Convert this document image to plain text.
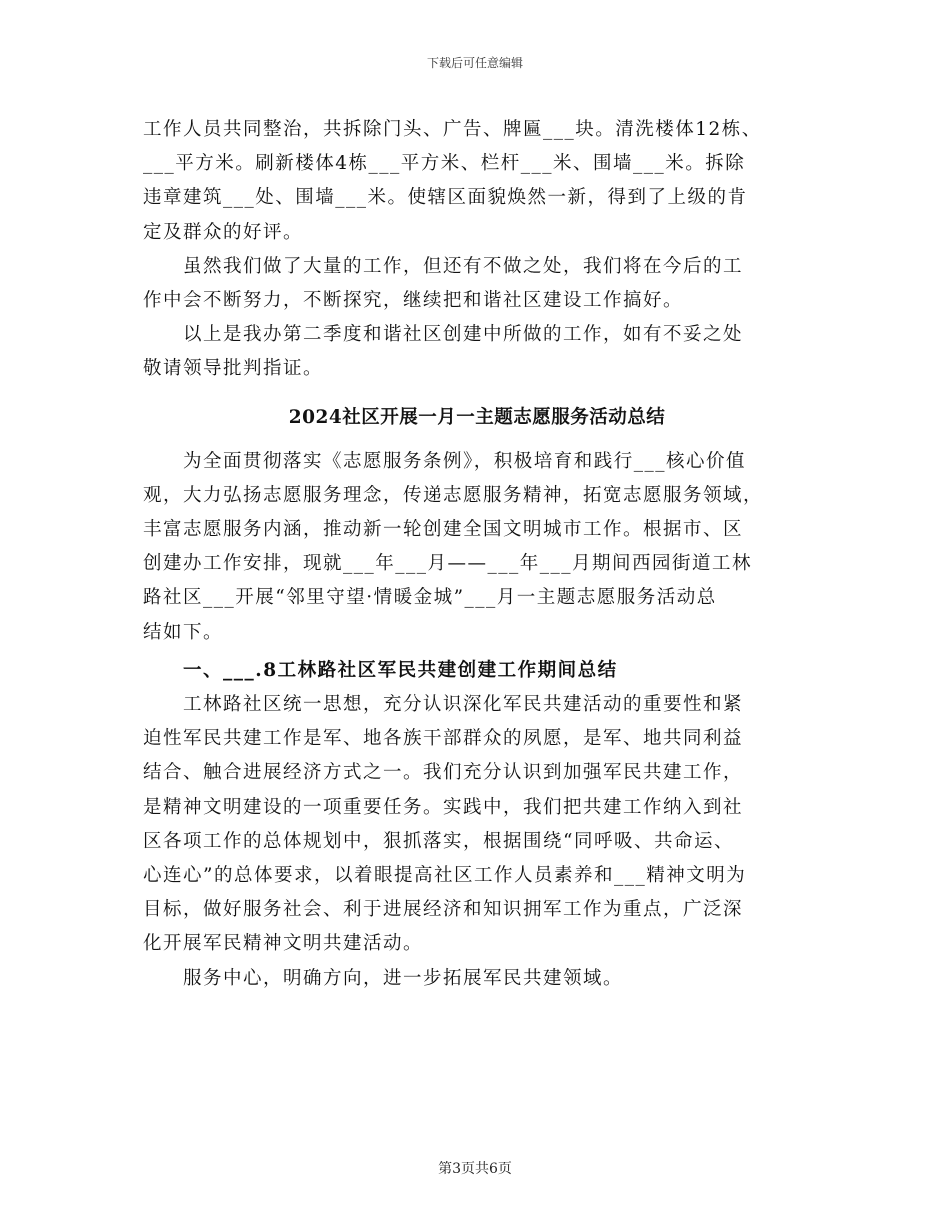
下载后可任意编辑
工作人员共同整治，共拆除门头、广告、牌匾___块。清洗楼体12栋、
___平方米。刷新楼体4栋___平方米、栏杆___米、围墙___米。拆除
违章建筑___处、围墙___米。使辖区面貌焕然一新，得到了上级的肯
定及群众的好评。
　　虽然我们做了大量的工作，但还有不做之处，我们将在今后的工
作中会不断努力，不断探究，继续把和谐社区建设工作搞好。
　　以上是我办第二季度和谐社区创建中所做的工作，如有不妥之处
敬请领导批判指证。
2024社区开展一月一主题志愿服务活动总结
　　为全面贯彻落实《志愿服务条例》，积极培育和践行___核心价值
观，大力弘扬志愿服务理念，传递志愿服务精神，拓宽志愿服务领域，
丰富志愿服务内涵，推动新一轮创建全国文明城市工作。根据市、区
创建办工作安排，现就___年___月——___年___月期间西园街道工林
路社区___开展“邻里守望·情暖金城”___月一主题志愿服务活动总
结如下。
　　一、___.8工林路社区军民共建创建工作期间总结
　　工林路社区统一思想，充分认识深化军民共建活动的重要性和紧
迫性军民共建工作是军、地各族干部群众的夙愿，是军、地共同利益
结合、触合进展经济方式之一。我们充分认识到加强军民共建工作，
是精神文明建设的一项重要任务。实践中，我们把共建工作纳入到社
区各项工作的总体规划中，狠抓落实，根据围绕“同呼吸、共命运、
心连心”的总体要求，以着眼提高社区工作人员素养和___精神文明为
目标，做好服务社会、利于进展经济和知识拥军工作为重点，广泛深
化开展军民精神文明共建活动。
　　服务中心，明确方向，进一步拓展军民共建领域。
第3页共6页
